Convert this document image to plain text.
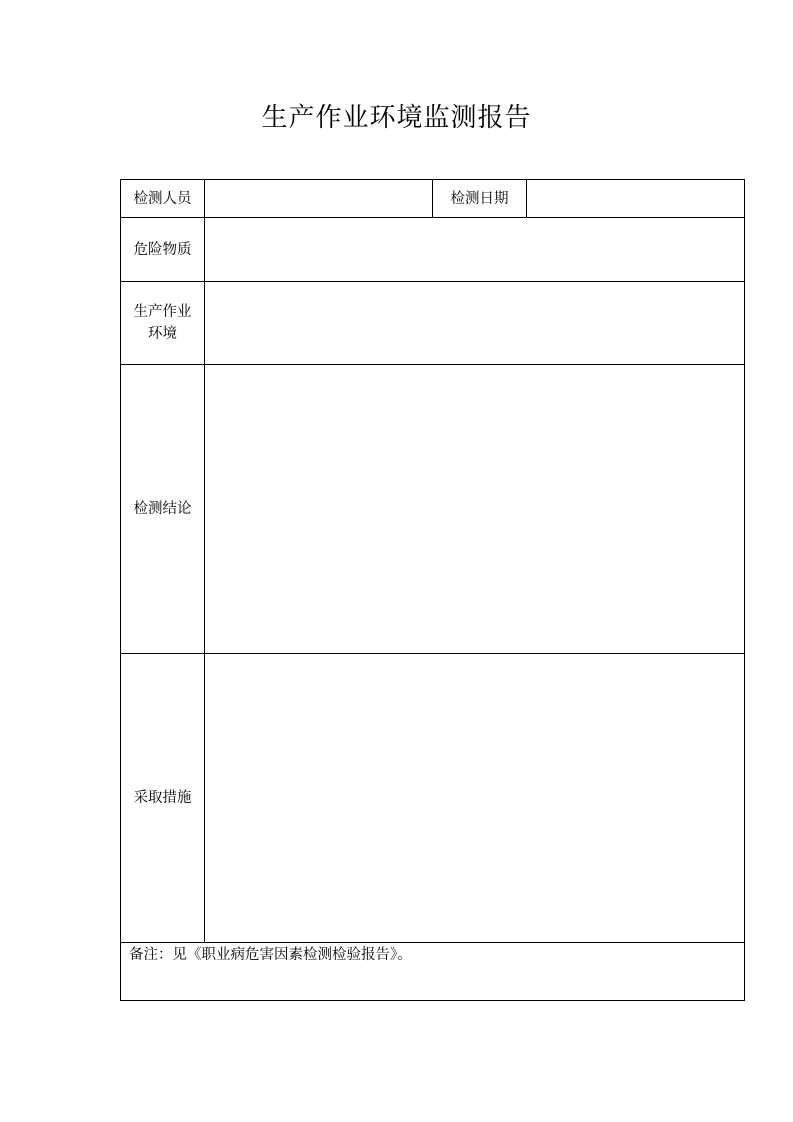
生产作业环境监测报告
检测人员		检测日期	
危险物质			
生产作业
环境			
检测结论			
采取措施			
备注：见《职业病危害因素检测检验报告》。			
